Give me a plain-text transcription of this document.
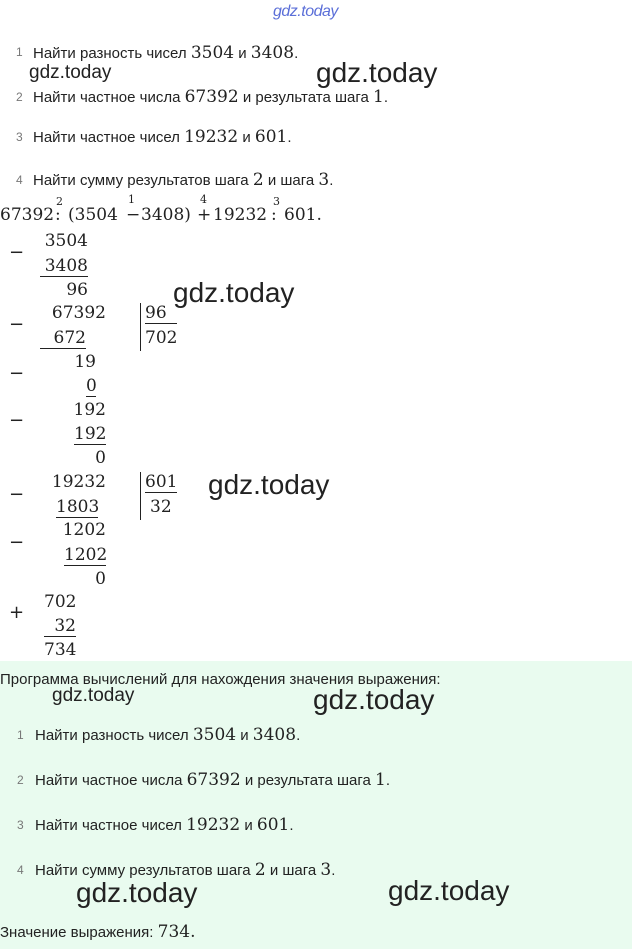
gdz.today
1 Найти разность чисел 3504 и 3408.
2 Найти частное числа 67392 и результата шага 1.
3 Найти частное чисел 19232 и 601.
4 Найти сумму результатов шага 2 и шага 3.
67392
2
: (3504
1
− 3408)
4
+ 19232
3
: 601.
−
3504
3408
96
−
−
−
67392
672
19
0
192
192
0
96
702
−
−
19232
1803
1202
1202
0
601
32
+ 702
32
734
Программа вычислений для нахождения значения выражения:
1 Найти разность чисел 3504 и 3408.
2 Найти частное числа 67392 и результата шага 1.
3 Найти частное чисел 19232 и 601.
4 Найти сумму результатов шага 2 и шага 3.
Значение выражения: 734.
gdz.today	gdz.today
gdz.today
gdz.today
gdz.today	gdz.today
gdz.today	gdz.today
